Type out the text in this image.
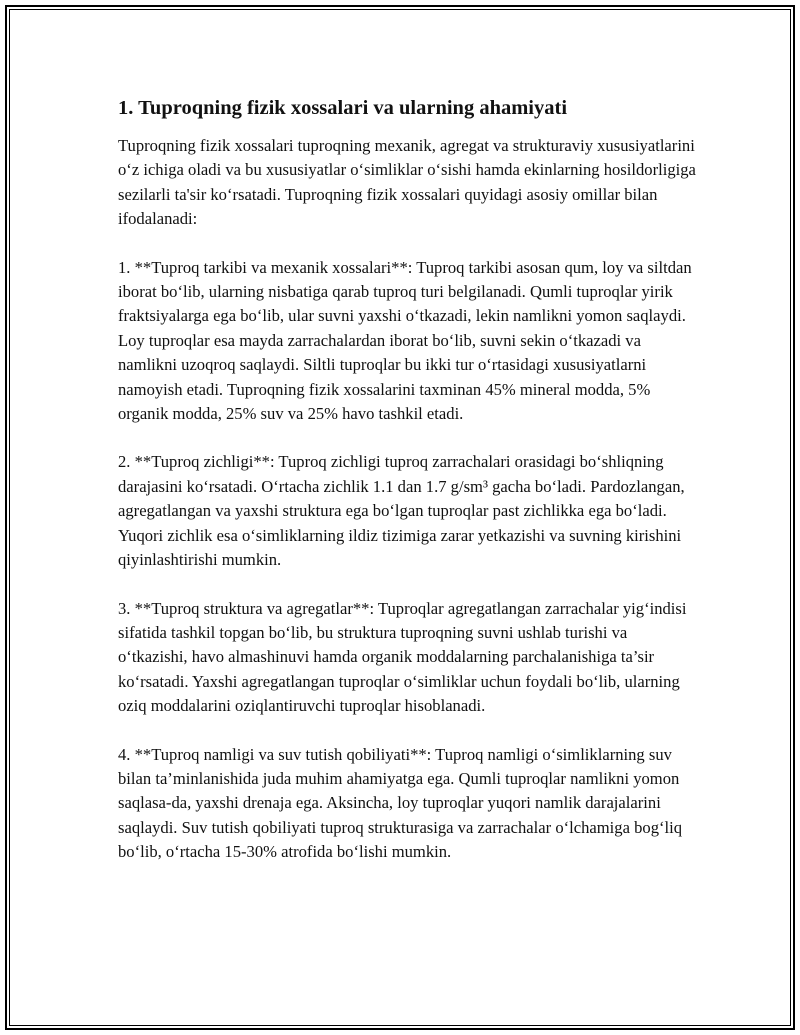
1. Tuproqning fizik xossalari va ularning ahamiyati

Tuproqning fizik xossalari tuproqning mexanik, agregat va strukturaviy xususiyatlarini o‘z ichiga oladi va bu xususiyatlar o‘simliklar o‘sishi hamda ekinlarning hosildorligiga sezilarli ta'sir ko‘rsatadi. Tuproqning fizik xossalari quyidagi asosiy omillar bilan ifodalanadi:

1. **Tuproq tarkibi va mexanik xossalari**: Tuproq tarkibi asosan qum, loy va siltdan iborat bo‘lib, ularning nisbatiga qarab tuproq turi belgilanadi. Qumli tuproqlar yirik fraktsiyalarga ega bo‘lib, ular suvni yaxshi o‘tkazadi, lekin namlikni yomon saqlaydi. Loy tuproqlar esa mayda zarrachalardan iborat bo‘lib, suvni sekin o‘tkazadi va namlikni uzoqroq saqlaydi. Siltli tuproqlar bu ikki tur o‘rtasidagi xususiyatlarni namoyish etadi. Tuproqning fizik xossalarini taxminan 45% mineral modda, 5% organik modda, 25% suv va 25% havo tashkil etadi.

2. **Tuproq zichligi**: Tuproq zichligi tuproq zarrachalari orasidagi bo‘shliqning darajasini ko‘rsatadi. O‘rtacha zichlik 1.1 dan 1.7 g/sm³ gacha bo‘ladi. Pardozlangan, agregatlangan va yaxshi struktura ega bo‘lgan tuproqlar past zichlikka ega bo‘ladi. Yuqori zichlik esa o‘simliklarning ildiz tizimiga zarar yetkazishi va suvning kirishini qiyinlashtirishi mumkin.

3. **Tuproq struktura va agregatlar**: Tuproqlar agregatlangan zarrachalar yig‘indisi sifatida tashkil topgan bo‘lib, bu struktura tuproqning suvni ushlab turishi va o‘tkazishi, havo almashinuvi hamda organik moddalarning parchalanishiga ta’sir ko‘rsatadi. Yaxshi agregatlangan tuproqlar o‘simliklar uchun foydali bo‘lib, ularning oziq moddalarini oziqlantiruvchi tuproqlar hisoblanadi.

4. **Tuproq namligi va suv tutish qobiliyati**: Tuproq namligi o‘simliklarning suv bilan ta’minlanishida juda muhim ahamiyatga ega. Qumli tuproqlar namlikni yomon saqlasa-da, yaxshi drenaja ega. Aksincha, loy tuproqlar yuqori namlik darajalarini saqlaydi. Suv tutish qobiliyati tuproq strukturasiga va zarrachalar o‘lchamiga bog‘liq bo‘lib, o‘rtacha 15-30% atrofida bo‘lishi mumkin.
